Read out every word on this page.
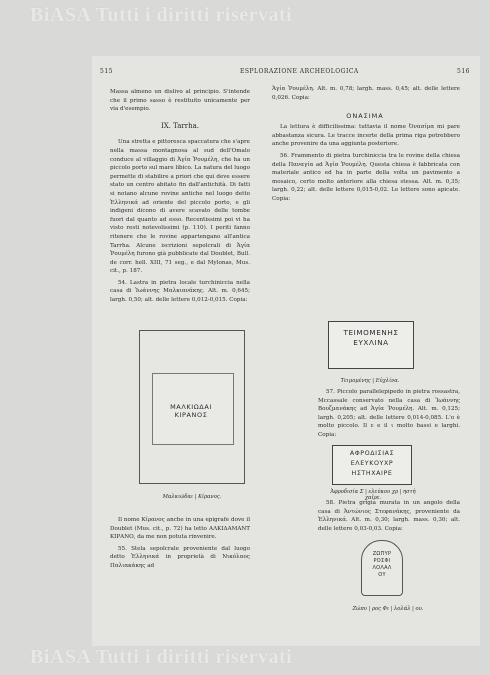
BiASA Tutti i diritti riservati
515	ESPLORAZIONE ARCHEOLOGICA	516

Massa almeno un dislivo al principio. S'intende che il primo sasso è restituito unicamente per via d'esempio.

IX. Tarrha.

Una stretta e pittoresca spaccatura che s'apre nella massa montagnosa al sud dell'Omalo conduce al villaggio di Ἁγία Ῥουμέλη, che ha un piccolo porto sul mare libico. La natura del luogo permette di stabilire a priori che qui deve essere stato un centro abitato fin dall'antichità. Di fatti si notano alcune rovine antiche nel luogo detto Ἑλληνικά ad oriente del piccolo porto, e gli indigeni dicono di avere scavato delle tombe fuori dal quanto ad esso. Recentissimi poi vi ha visto resti notevolissimi (p. 110). I periti fanno ritenere che le rovine appartengano all'antica Tarrha. Alcune iscrizioni sepolcrali di Ἁγία Ῥουμέλη furono già pubblicate dal Doublet, Bull. de corr. hell. XIII, 71 seg., e dal Mylonas, Mus. cit., p. 187.

54. Lastra in pietra locale turchiniccia nella casa di Ἰωάννης Μαλκιανάκης. Alt. m. 0,645; largh. 0,50; alt. delle lettere 0,012-0,015. Copia:

ΜΑΛΚΙΩΔΑΙ
ΚΙΡΑΝΟΣ
Μαλκιῶδαι | Κίρανος.

Il nome Κίρανος anche in una epigrafe dove il Doublet (Mus. cit., p. 72) ha letto ΑΛΚΙΔΑΜΑΝΤ ΚΙΡΑΝΟ, da me non potuta rinvenire.

55. Stela sepolcrale proveniente dal luogo detto Ἑλληνικά in proprietà di Νικόλαος Παλιακάκης ad

Ἁγία Ῥουμέλη. Alt. m. 0,78; largh. mass. 0,45; alt. delle lettere 0,026. Copia:

La lettura è difficilissima: tuttavia il nome Ὀνασίμα mi pare abbastanza sicura. Le tracce incerte della prima riga potrebbero anche provenire da una aggiunta posteriore.

56. Frammento di pietra turchiniccia tra le rovine della chiesa della Παναγία ad Ἁγία Ῥουμέλη. Questa chiesa è fabbricata con materiale antico ed ha in parte della volta un pavimento a mosaico, certo molto anteriore alla chiesa stessa. Alt. m. 0,35; largh. 0,22; alt. delle lettere 0,015-0,02. Le lettere sono apicate. Copia:

ΟΝΑΣΙΜΑ
ΤΕΙΜΟΜΕΝΗΣ
ΕΥΧΛΙΝΑ
Τειμομένης | Εὐχλίνα.

57. Piccolo parallelepipedo in pietra rossastra, Mccassale conservato nella casa di Ἰωάννης Βουζμανάκης ad Ἁγία Ῥουμέλη. Alt. m. 0,125; largh. 0,205; alt. delle lettere 0,014-0,085. L'o è molto piccolo. Il ε e il ι molto bassi e larghi. Copia:

ΑΦΡΟΔΙΣΙΑΣ
ΕΛΕΥΚΟΥΧΡ
ΗΣΤΗΧΑΙΡΕ
Ἀφροδισία Σ | ελεύκου χρ | ηστὴ χαῖρε.

58. Pietra grigia murata in un angolo della casa di Ἀντώνιος Στεφανάκης, proveniente da Ἑλληνικά. Alt. m. 0,30; largh. mass. 0,30; alt. delle lettere 0,03-0,03. Copia:

ΖΩΠΥΡ
ΡΟΣΦΙ
ΛΟΛΑΛ
ΟΥ
Ζώπυ | ρος Φι | λολάλ | ου.
BiASA Tutti i diritti riservati
